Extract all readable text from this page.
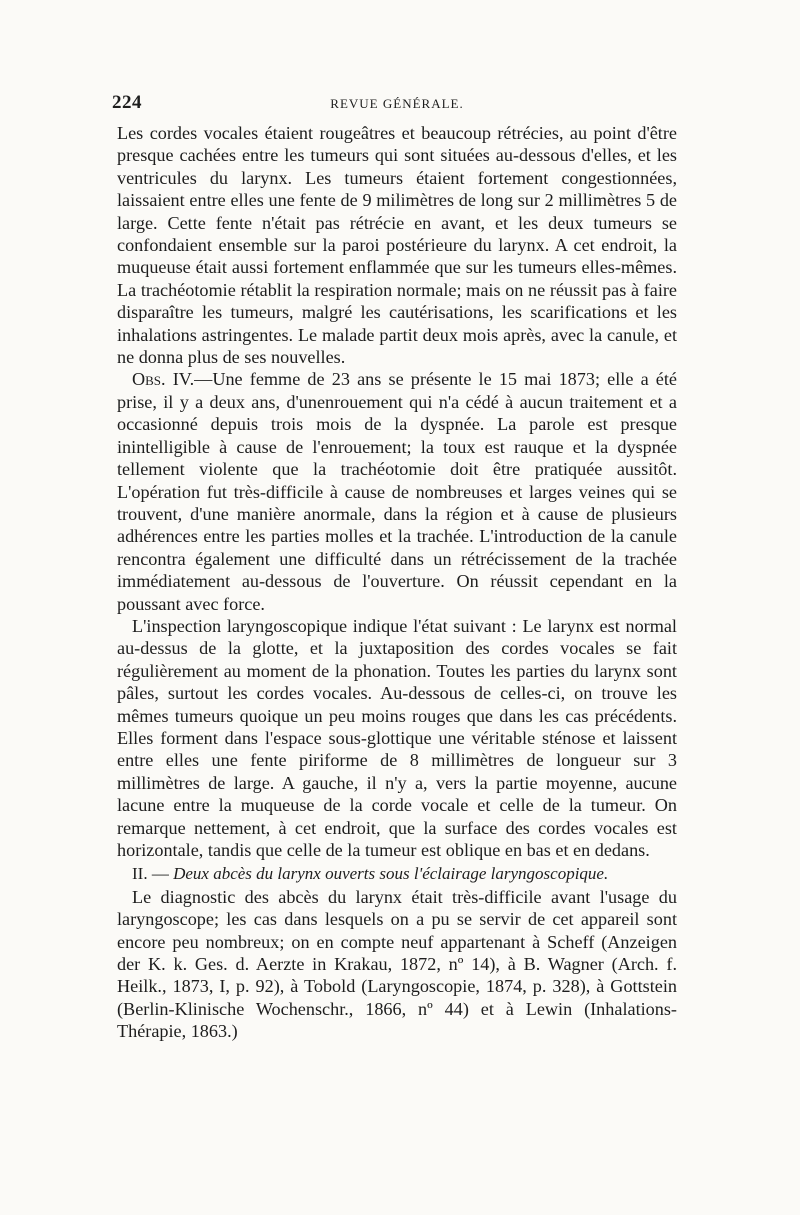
224	REVUE GÉNÉRALE.

Les cordes vocales étaient rougeâtres et beaucoup rétrécies, au point d'être presque cachées entre les tumeurs qui sont situées au-dessous d'elles, et les ventricules du larynx. Les tumeurs étaient fortement congestionnées, laissaient entre elles une fente de 9 milimètres de long sur 2 millimètres 5 de large. Cette fente n'était pas rétrécie en avant, et les deux tumeurs se confondaient ensemble sur la paroi postérieure du larynx. A cet endroit, la muqueuse était aussi fortement enflammée que sur les tumeurs elles-mêmes. La trachéotomie rétablit la respiration normale; mais on ne réussit pas à faire disparaître les tumeurs, malgré les cautérisations, les scarifications et les inhalations astringentes. Le malade partit deux mois après, avec la canule, et ne donna plus de ses nouvelles.

Obs. IV.—Une femme de 23 ans se présente le 15 mai 1873; elle a été prise, il y a deux ans, d'unenrouement qui n'a cédé à aucun traitement et a occasionné depuis trois mois de la dyspnée. La parole est presque inintelligible à cause de l'enrouement; la toux est rauque et la dyspnée tellement violente que la trachéotomie doit être pratiquée aussitôt. L'opération fut très-difficile à cause de nombreuses et larges veines qui se trouvent, d'une manière anormale, dans la région et à cause de plusieurs adhérences entre les parties molles et la trachée. L'introduction de la canule rencontra également une difficulté dans un rétrécissement de la trachée immédiatement au-dessous de l'ouverture. On réussit cependant en la poussant avec force.

L'inspection laryngoscopique indique l'état suivant : Le larynx est normal au-dessus de la glotte, et la juxtaposition des cordes vocales se fait régulièrement au moment de la phonation. Toutes les parties du larynx sont pâles, surtout les cordes vocales. Au-dessous de celles-ci, on trouve les mêmes tumeurs quoique un peu moins rouges que dans les cas précédents. Elles forment dans l'espace sous-glottique une véritable sténose et laissent entre elles une fente piriforme de 8 millimètres de longueur sur 3 millimètres de large. A gauche, il n'y a, vers la partie moyenne, aucune lacune entre la muqueuse de la corde vocale et celle de la tumeur. On remarque nettement, à cet endroit, que la surface des cordes vocales est horizontale, tandis que celle de la tumeur est oblique en bas et en dedans.

II. — Deux abcès du larynx ouverts sous l'éclairage laryngoscopique.

Le diagnostic des abcès du larynx était très-difficile avant l'usage du laryngoscope; les cas dans lesquels on a pu se servir de cet appareil sont encore peu nombreux; on en compte neuf appartenant à Scheff (Anzeigen der K. k. Ges. d. Aerzte in Krakau, 1872, nº 14), à B. Wagner (Arch. f. Heilk., 1873, I, p. 92), à Tobold (Laryngoscopie, 1874, p. 328), à Gottstein (Berlin-Klinische Wochenschr., 1866, nº 44) et à Lewin (Inhalations-Thérapie, 1863.)
